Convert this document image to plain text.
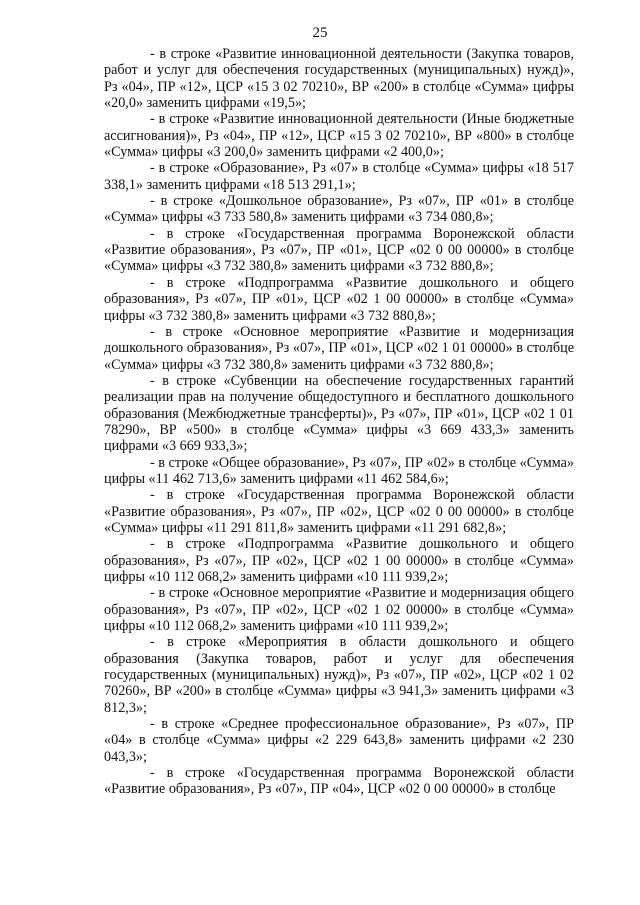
25

- в строке «Развитие инновационной деятельности (Закупка товаров, работ и услуг для обеспечения государственных (муниципальных) нужд)», Рз «04», ПР «12», ЦСР «15 3 02 70210», ВР «200» в столбце «Сумма» цифры «20,0» заменить цифрами «19,5»;

- в строке «Развитие инновационной деятельности (Иные бюджетные ассигнования)», Рз «04», ПР «12», ЦСР «15 3 02 70210», ВР «800» в столбце «Сумма» цифры «3 200,0» заменить цифрами «2 400,0»;

- в строке «Образование», Рз «07» в столбце «Сумма» цифры «18 517 338,1» заменить цифрами «18 513 291,1»;

- в строке «Дошкольное образование», Рз «07», ПР «01» в столбце «Сумма» цифры «3 733 580,8» заменить цифрами «3 734 080,8»;

- в строке «Государственная программа Воронежской области «Развитие образования», Рз «07», ПР «01», ЦСР «02 0 00 00000» в столбце «Сумма» цифры «3 732 380,8» заменить цифрами «3 732 880,8»;

- в строке «Подпрограмма «Развитие дошкольного и общего образования», Рз «07», ПР «01», ЦСР «02 1 00 00000» в столбце «Сумма» цифры «3 732 380,8» заменить цифрами «3 732 880,8»;

- в строке «Основное мероприятие «Развитие и модернизация дошкольного образования», Рз «07», ПР «01», ЦСР «02 1 01 00000» в столбце «Сумма» цифры «3 732 380,8» заменить цифрами «3 732 880,8»;

- в строке «Субвенции на обеспечение государственных гарантий реализации прав на получение общедоступного и бесплатного дошкольного образования (Межбюджетные трансферты)», Рз «07», ПР «01», ЦСР «02 1 01 78290», ВР «500» в столбце «Сумма» цифры «3 669 433,3» заменить цифрами «3 669 933,3»;

- в строке «Общее образование», Рз «07», ПР «02» в столбце «Сумма» цифры «11 462 713,6» заменить цифрами «11 462 584,6»;

- в строке «Государственная программа Воронежской области «Развитие образования», Рз «07», ПР «02», ЦСР «02 0 00 00000» в столбце «Сумма» цифры «11 291 811,8» заменить цифрами «11 291 682,8»;

- в строке «Подпрограмма «Развитие дошкольного и общего образования», Рз «07», ПР «02», ЦСР «02 1 00 00000» в столбце «Сумма» цифры «10 112 068,2» заменить цифрами «10 111 939,2»;

- в строке «Основное мероприятие «Развитие и модернизация общего образования», Рз «07», ПР «02», ЦСР «02 1 02 00000» в столбце «Сумма» цифры «10 112 068,2» заменить цифрами «10 111 939,2»;

- в строке «Мероприятия в области дошкольного и общего образования (Закупка товаров, работ и услуг для обеспечения государственных (муниципальных) нужд)», Рз «07», ПР «02», ЦСР «02 1 02 70260», ВР «200» в столбце «Сумма» цифры «3 941,3» заменить цифрами «3 812,3»;

- в строке «Среднее профессиональное образование», Рз «07», ПР «04» в столбце «Сумма» цифры «2 229 643,8» заменить цифрами «2 230 043,3»;

- в строке «Государственная программа Воронежской области «Развитие образования», Рз «07», ПР «04», ЦСР «02 0 00 00000» в столбце
